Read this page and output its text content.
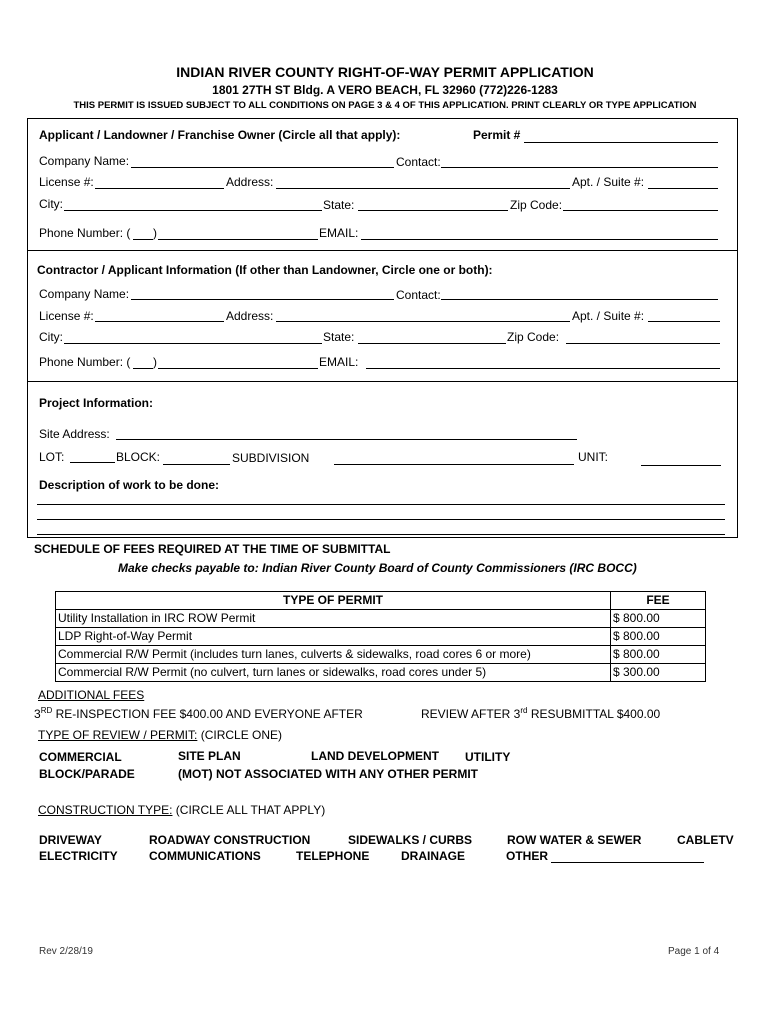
INDIAN RIVER COUNTY RIGHT-OF-WAY PERMIT APPLICATION
1801 27TH ST Bldg. A VERO BEACH, FL 32960 (772)226-1283
THIS PERMIT IS ISSUED SUBJECT TO ALL CONDITIONS ON PAGE 3 & 4 OF THIS APPLICATION. PRINT CLEARLY OR TYPE APPLICATION
Applicant / Landowner / Franchise Owner (Circle all that apply):	Permit #
Company Name:	Contact:
License #:	Address:	Apt. / Suite #:
City:	State:	Zip Code:
Phone Number: ( )	EMAIL:
Contractor / Applicant Information (If other than Landowner, Circle one or both):
Company Name:	Contact:
License #:	Address:	Apt. / Suite #:
City:	State:	Zip Code:
Phone Number: ( )	EMAIL:
Project Information:
Site Address:
LOT:	BLOCK:	SUBDIVISION	UNIT:
Description of work to be done:
SCHEDULE OF FEES REQUIRED AT THE TIME OF SUBMITTAL
Make checks payable to: Indian River County Board of County Commissioners (IRC BOCC)
TYPE OF PERMIT	FEE
Utility Installation in IRC ROW Permit	$ 800.00
LDP Right-of-Way Permit	$ 800.00
Commercial R/W Permit (includes turn lanes, culverts & sidewalks, road cores 6 or more)	$ 800.00
Commercial R/W Permit (no culvert, turn lanes or sidewalks, road cores under 5)	$ 300.00
ADDITIONAL FEES
3RD RE-INSPECTION FEE $400.00 AND EVERYONE AFTER	REVIEW AFTER 3rd RESUBMITTAL $400.00
TYPE OF REVIEW / PERMIT: (CIRCLE ONE)
COMMERCIAL	SITE PLAN	LAND DEVELOPMENT UTILITY
BLOCK/PARADE	(MOT) NOT ASSOCIATED WITH ANY OTHER PERMIT
CONSTRUCTION TYPE: (CIRCLE ALL THAT APPLY)
DRIVEWAY	ROADWAY CONSTRUCTION	SIDEWALKS / CURBS	ROW WATER & SEWER	CABLETV
ELECTRICITY	COMMUNICATIONS	TELEPHONE	DRAINAGE	OTHER
Rev 2/28/19	Page 1 of 4
